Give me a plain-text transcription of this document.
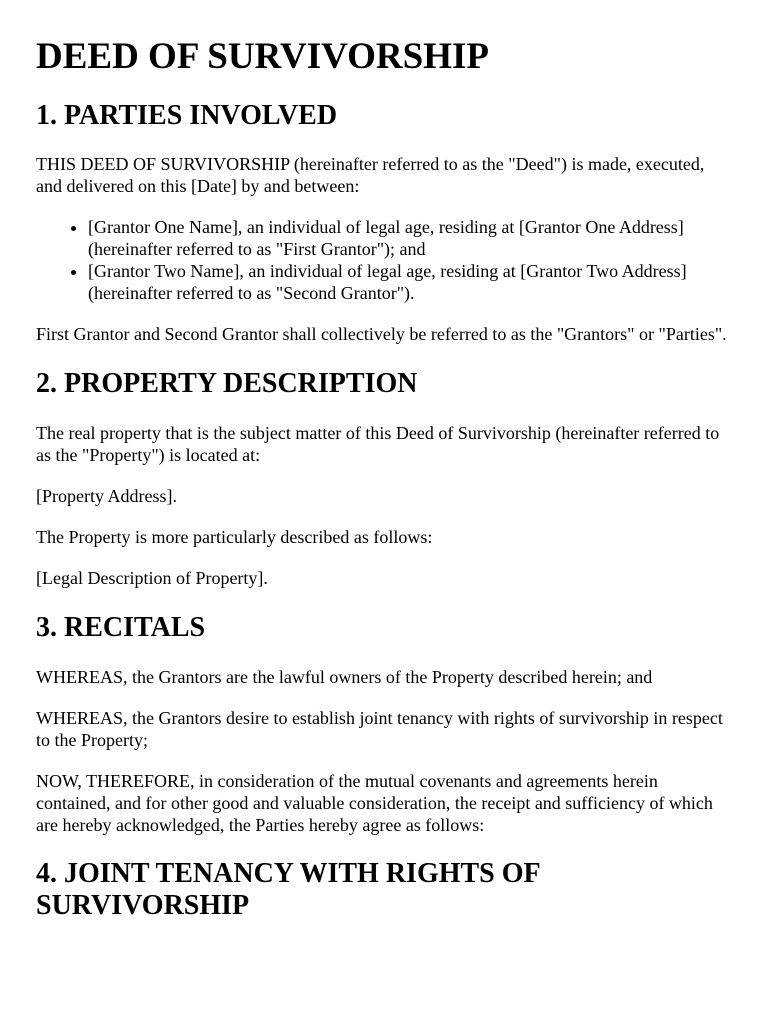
DEED OF SURVIVORSHIP
1. PARTIES INVOLVED

THIS DEED OF SURVIVORSHIP (hereinafter referred to as the "Deed") is made, executed, and delivered on this [Date] by and between:

• [Grantor One Name], an individual of legal age, residing at [Grantor One Address] (hereinafter referred to as "First Grantor"); and
• [Grantor Two Name], an individual of legal age, residing at [Grantor Two Address] (hereinafter referred to as "Second Grantor").

First Grantor and Second Grantor shall collectively be referred to as the "Grantors" or "Parties".

2. PROPERTY DESCRIPTION

The real property that is the subject matter of this Deed of Survivorship (hereinafter referred to as the "Property") is located at:

[Property Address].

The Property is more particularly described as follows:

[Legal Description of Property].

3. RECITALS

WHEREAS, the Grantors are the lawful owners of the Property described herein; and

WHEREAS, the Grantors desire to establish joint tenancy with rights of survivorship in respect to the Property;

NOW, THEREFORE, in consideration of the mutual covenants and agreements herein contained, and for other good and valuable consideration, the receipt and sufficiency of which are hereby acknowledged, the Parties hereby agree as follows:

4. JOINT TENANCY WITH RIGHTS OF SURVIVORSHIP
